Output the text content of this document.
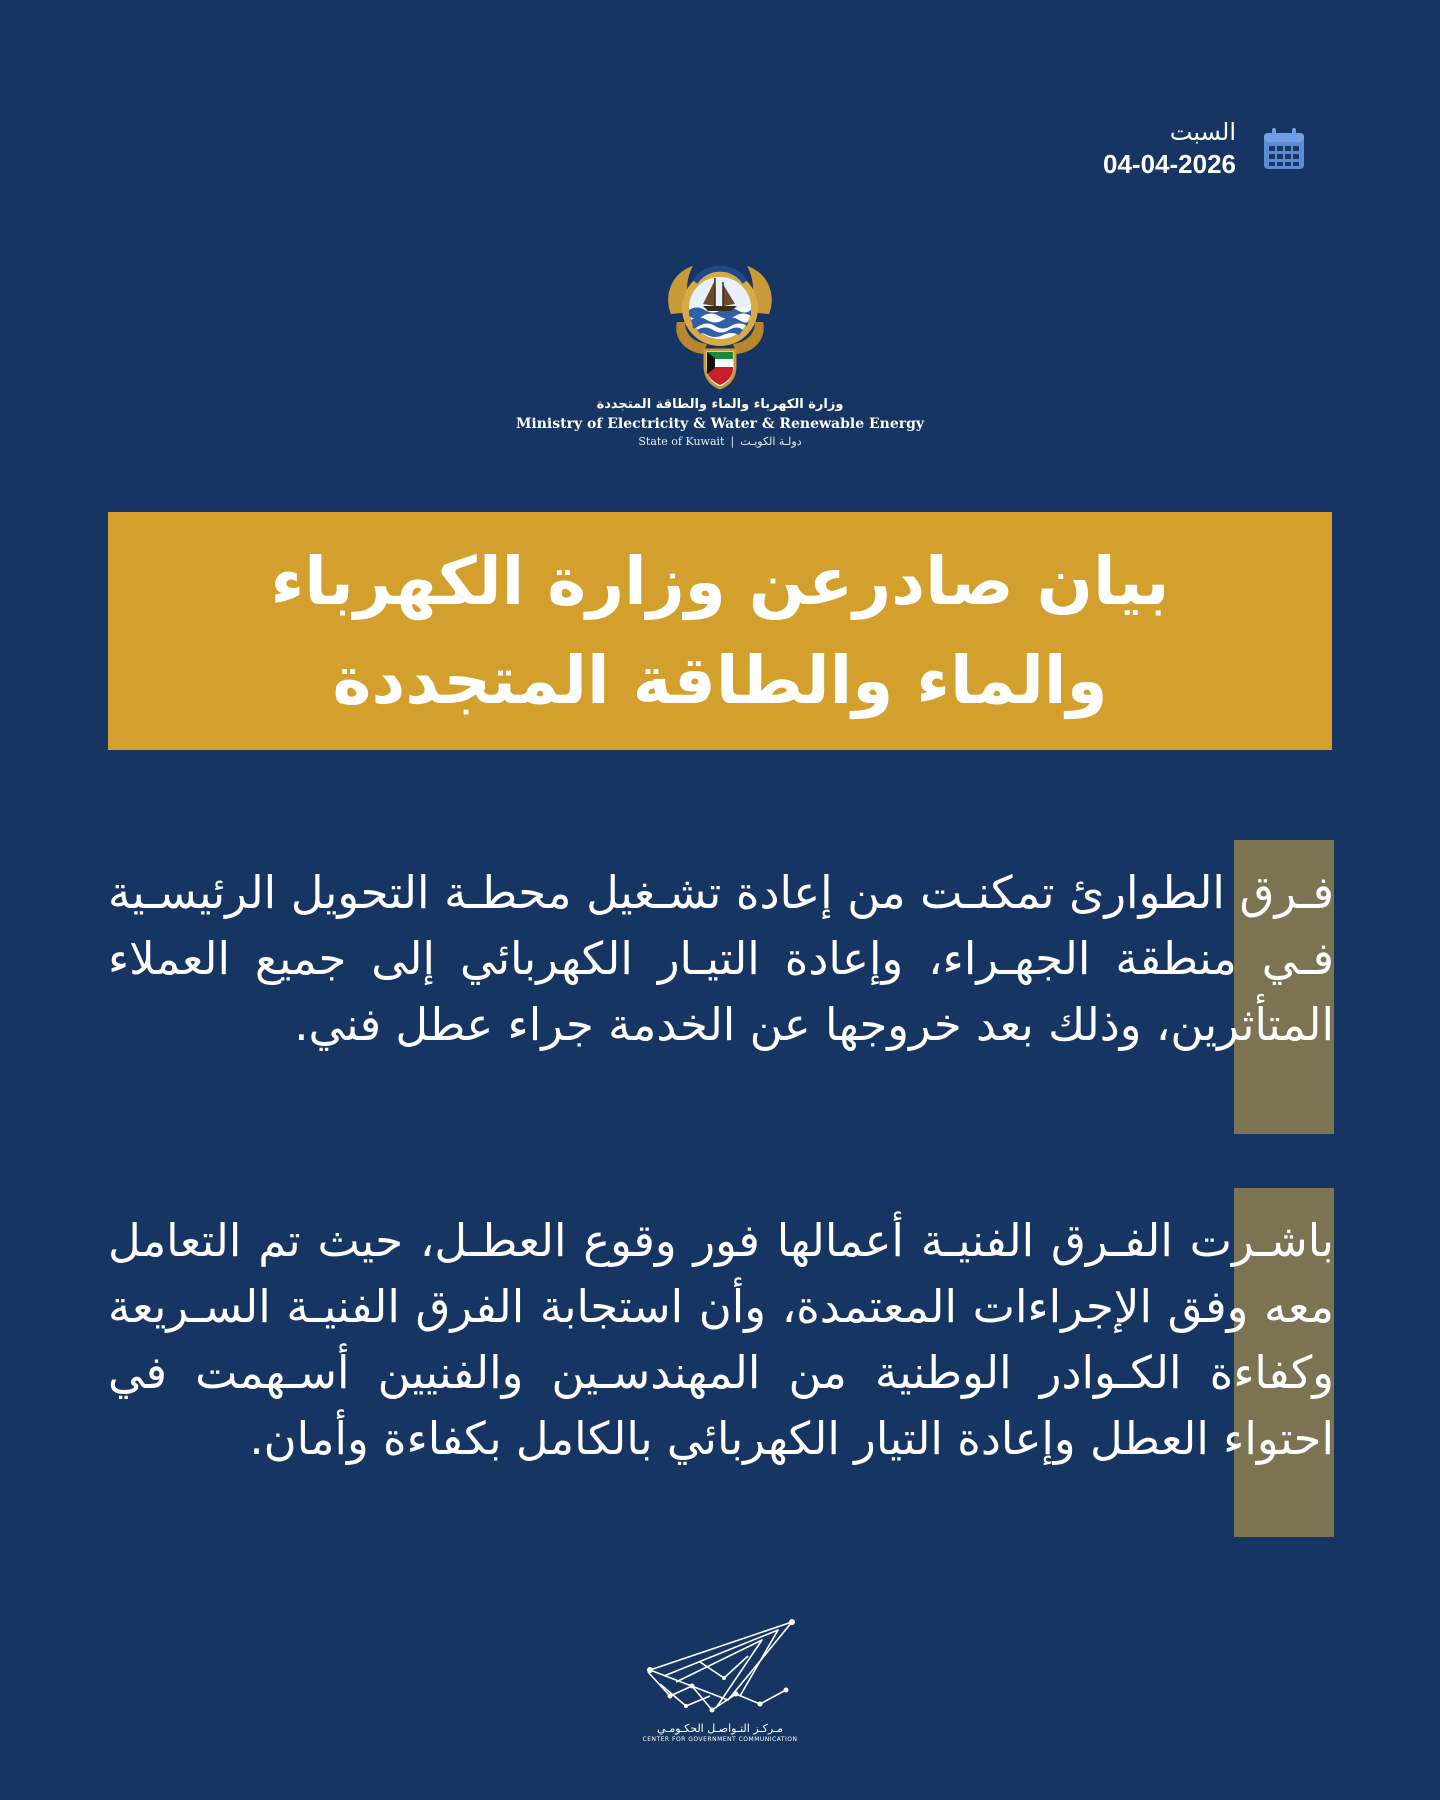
السبت
04-04-2026
وزارة الكهرباء والماء والطاقة المتجددة
Ministry of Electricity & Water & Renewable Energy
State of Kuwait | دولـة الكويـت
بيان صادرعن وزارة الكهرباء
والماء والطاقة المتجددة
فـرق الطوارئ تمكنـت من إعادة تشـغيل محطـة التحويل الرئيسـية فـي منطقة الجهـراء، وإعادة التيـار الكهربائي إلى جميع العملاء المتأثرين، وذلك بعد خروجها عن الخدمة جراء عطل فني.
باشـرت الفـرق الفنيـة أعمالها فور وقوع العطـل، حيث تم التعامل معه وفق الإجراءات المعتمدة، وأن استجابة الفرق الفنيـة السـريعة وكفاءة الكـوادر الوطنية من المهندسـين والفنيين أسـهمت في احتواء العطل وإعادة التيار الكهربائي بالكامل بكفاءة وأمان.
مـركـز التـواصـل الحكـومـي
CENTER FOR GOVERNMENT COMMUNICATION
